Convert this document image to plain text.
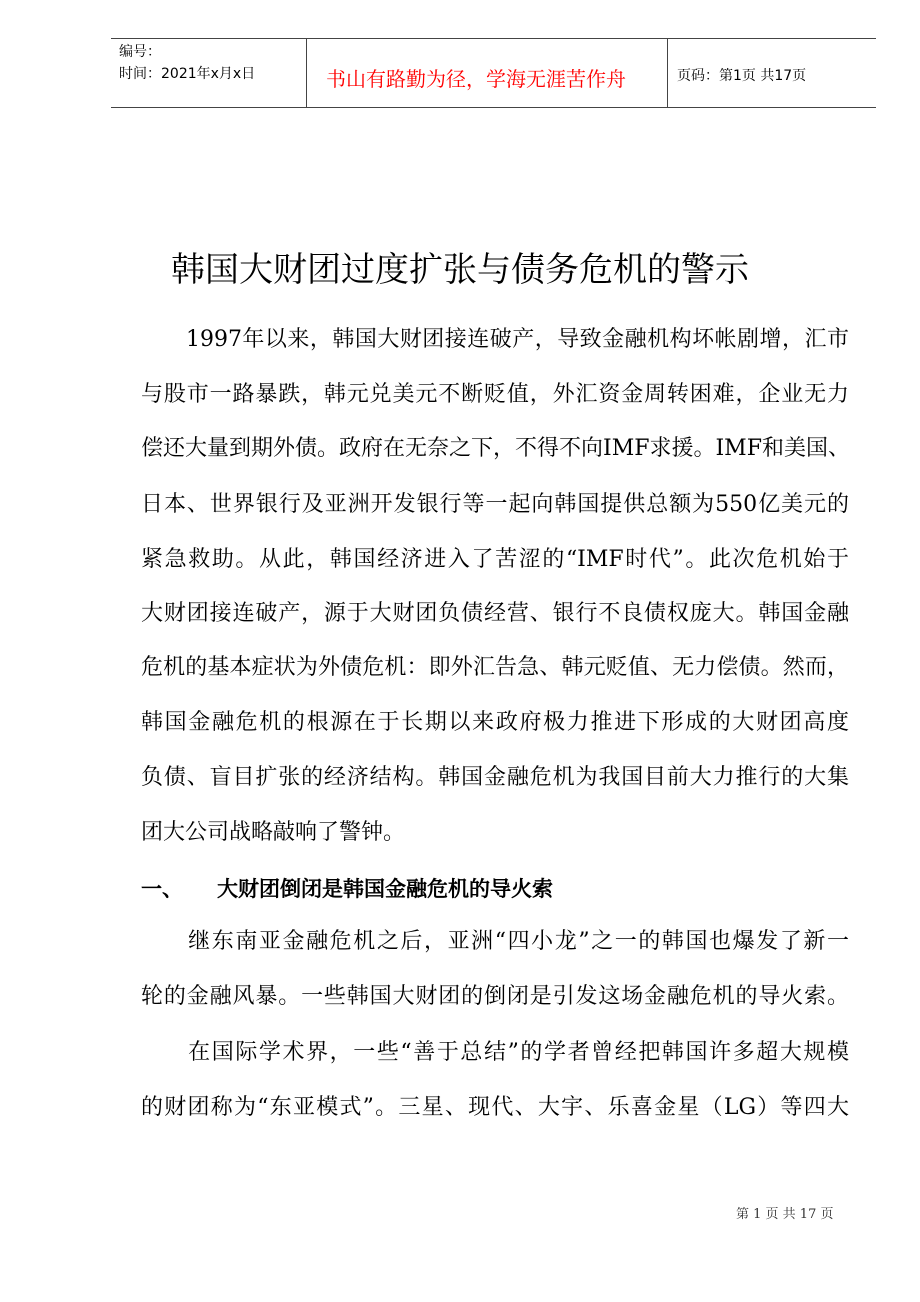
编号：
时间：2021年x月x日	书山有路勤为径，学海无涯苦作舟	页码：第1页 共17页
韩国大财团过度扩张与债务危机的警示
　　1997年以来，韩国大财团接连破产，导致金融机构坏帐剧增，汇市
与股市一路暴跌，韩元兑美元不断贬值，外汇资金周转困难，企业无力
偿还大量到期外债。政府在无奈之下，不得不向IMF求援。IMF和美国、
日本、世界银行及亚洲开发银行等一起向韩国提供总额为550亿美元的
紧急救助。从此，韩国经济进入了苦涩的“IMF时代”。此次危机始于
大财团接连破产，源于大财团负债经营、银行不良债权庞大。韩国金融
危机的基本症状为外债危机：即外汇告急、韩元贬值、无力偿债。然而，
韩国金融危机的根源在于长期以来政府极力推进下形成的大财团高度
负债、盲目扩张的经济结构。韩国金融危机为我国目前大力推行的大集
团大公司战略敲响了警钟。
一、 大财团倒闭是韩国金融危机的导火索
　　继东南亚金融危机之后，亚洲“四小龙”之一的韩国也爆发了新一
轮的金融风暴。一些韩国大财团的倒闭是引发这场金融危机的导火索。
　　在国际学术界，一些“善于总结”的学者曾经把韩国许多超大规模
的财团称为“东亚模式”。三星、现代、大宇、乐喜金星（LG）等四大
第 1 页 共 17 页
